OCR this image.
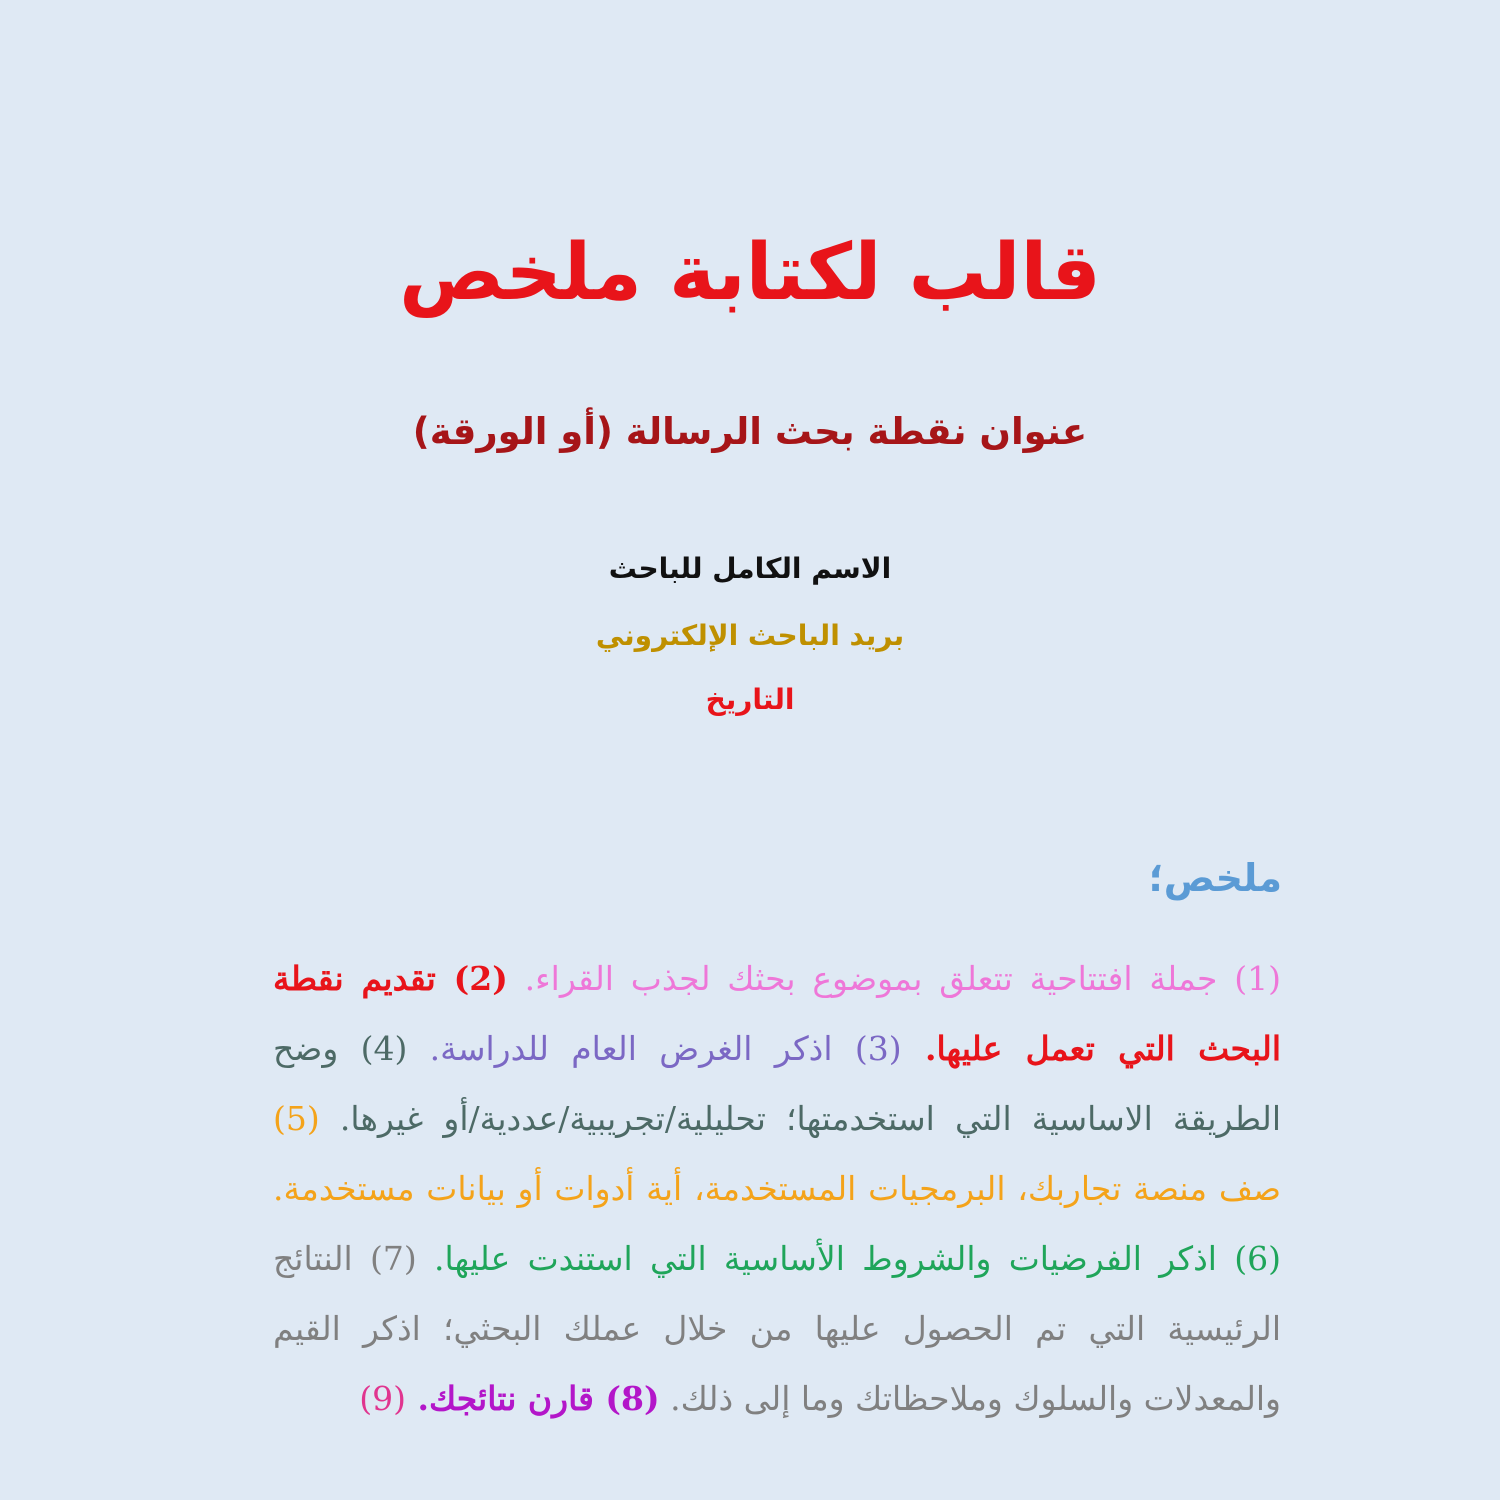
قالب لكتابة ملخص
عنوان نقطة بحث الرسالة (أو الورقة)

الاسم الكامل للباحث

بريد الباحث الإلكتروني

التاريخ

ملخص؛

(1) جملة افتتاحية تتعلق بموضوع بحثك لجذب القراء. (2) تقديم نقطة البحث التي تعمل عليها. (3) اذكر الغرض العام للدراسة. (4) وضح الطريقة الاساسية التي استخدمتها؛ تحليلية/تجريبية/عددية/أو غيرها. (5) صف منصة تجاربك، البرمجيات المستخدمة، أية أدوات أو بيانات مستخدمة. (6) اذكر الفرضيات والشروط الأساسية التي استندت عليها. (7) النتائج الرئيسية التي تم الحصول عليها من خلال عملك البحثي؛ اذكر القيم والمعدلات والسلوك وملاحظاتك وما إلى ذلك. (8) قارن نتائجك. (9)
